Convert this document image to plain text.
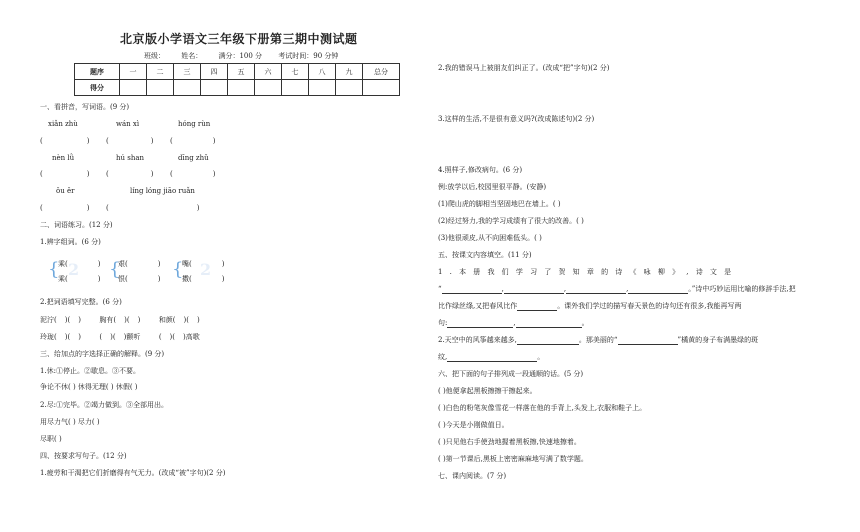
北京版小学语文三年级下册第三期中测试题
班级： 姓名： 满分：100 分 考试时间：90 分钟
题序	一	二	三	四	五	六	七	八	九	总分
得分										
一、看拼音，写词语。(9 分)
xiǎn zhù	wán xì	hóng rùn
(	) (	) (	)
nèn lǜ	hú shan	dīng zhǔ
(	) (	) (	)
ǒu ěr	líng lóng jiāo ruǎn
(	) (	)
二、词语练习。(12 分)
1.辨字组词。(6 分)
2	2
{	{	{
乘(	)	艰(	)	嘴(	)
乘(	)	恨(	)	擞(	)
2.把词语填写完整。(6 分)
泥泞( )( )	胸有( )( )	和颜( )( )
玲珑( )( )	( )( )颤听	( )( )高歌
三、给加点的字选择正确的解释。(9 分)
1.休:①停止。②歇息。③不要。
争论不休( ) 休得无理( ) 休假( )
2.尽:①完毕。②竭力做到。③全部用出。
用尽力气( ) 尽力( )
尽职( )
四、按要求写句子。(12 分)
1.疲劳和干渴把它们折磨得有气无力。(改成“被”字句)(2 分)
2.我的错误马上被朋友们纠正了。(改成“把”字句)(2 分)
3.这样的生活,不是很有意义吗?(改成陈述句)(2 分)
4.照样子,修改病句。(6 分)
例:放学以后,校园里很平静。(安静)
(1)爬山虎的脚相当坚固地巴在墙上。( )
(2)经过努力,我的学习成绩有了很大的改善。( )
(3)他很顽皮,从不向困难低头。( )
五、按课文内容填空。(11 分)
1.本册我们学习了贺知章的诗《咏柳》,诗文是
“	,	,	,	。”诗中巧妙运用比喻的修辞手法,把
比作绿丝绦,又把春风比作	。课外我们学过的描写春天景色的诗句还有很多,我能再写两
句:	,	。
2.天空中的风筝越来越多,	。那美丽的“	”橘黄的身子布满墨绿的斑
纹,	。
六、把下面的句子排列成一段通顺的话。(5 分)
( )他便拿起黑板擦擦干擦起来。
( )白色的粉笔灰像雪花一样落在他的手背上,头发上,衣服和鞋子上。
( )今天是小刚做值日。
( )只见他右手使劲地握着黑板擦,快速地擦着。
( )第一节课后,黑板上密密麻麻地写满了数学题。
七、课内阅读。(7 分)
